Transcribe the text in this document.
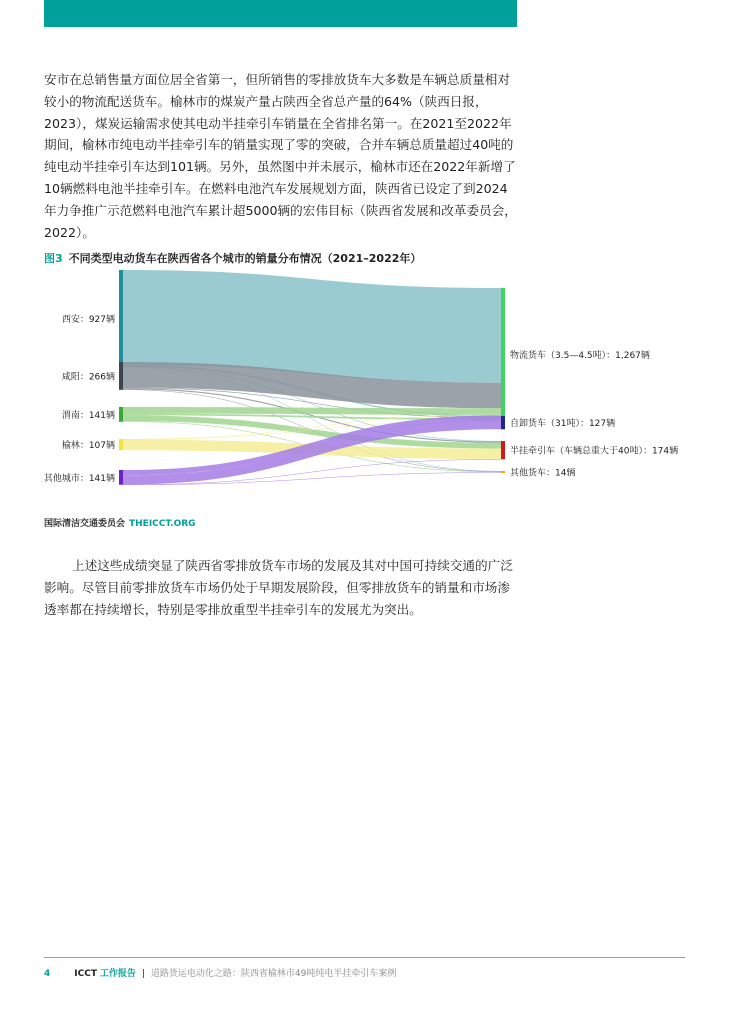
安市在总销售量方面位居全省第一，但所销售的零排放货车大多数是车辆总质量相对较小的物流配送货车。榆林市的煤炭产量占陕西全省总产量的64%（陕西日报，2023），煤炭运输需求使其电动半挂牵引车销量在全省排名第一。在2021至2022年期间，榆林市纯电动半挂牵引车的销量实现了零的突破，合并车辆总质量超过40吨的纯电动半挂牵引车达到101辆。另外，虽然图中并未展示，榆林市还在2022年新增了10辆燃料电池半挂牵引车。在燃料电池汽车发展规划方面，陕西省已设定了到2024年力争推广示范燃料电池汽车累计超5000辆的宏伟目标（陕西省发展和改革委员会，2022）。

图3 不同类型电动货车在陕西省各个城市的销量分布情况（2021–2022年）
西安：927辆
咸阳：266辆
渭南：141辆
榆林：107辆
其他城市：141辆
物流货车（3.5—4.5吨）：1,267辆
自卸货车（31吨）：127辆
半挂牵引车（车辆总重大于40吨）：174辆
其他货车：14辆
国际清洁交通委员会 THEICCT.ORG

上述这些成绩突显了陕西省零排放货车市场的发展及其对中国可持续交通的广泛影响。尽管目前零排放货车市场仍处于早期发展阶段，但零排放货车的销量和市场渗透率都在持续增长，特别是零排放重型半挂牵引车的发展尤为突出。

4	ICCT 工作报告 | 道路货运电动化之路：陕西省榆林市49吨纯电半挂牵引车案例
